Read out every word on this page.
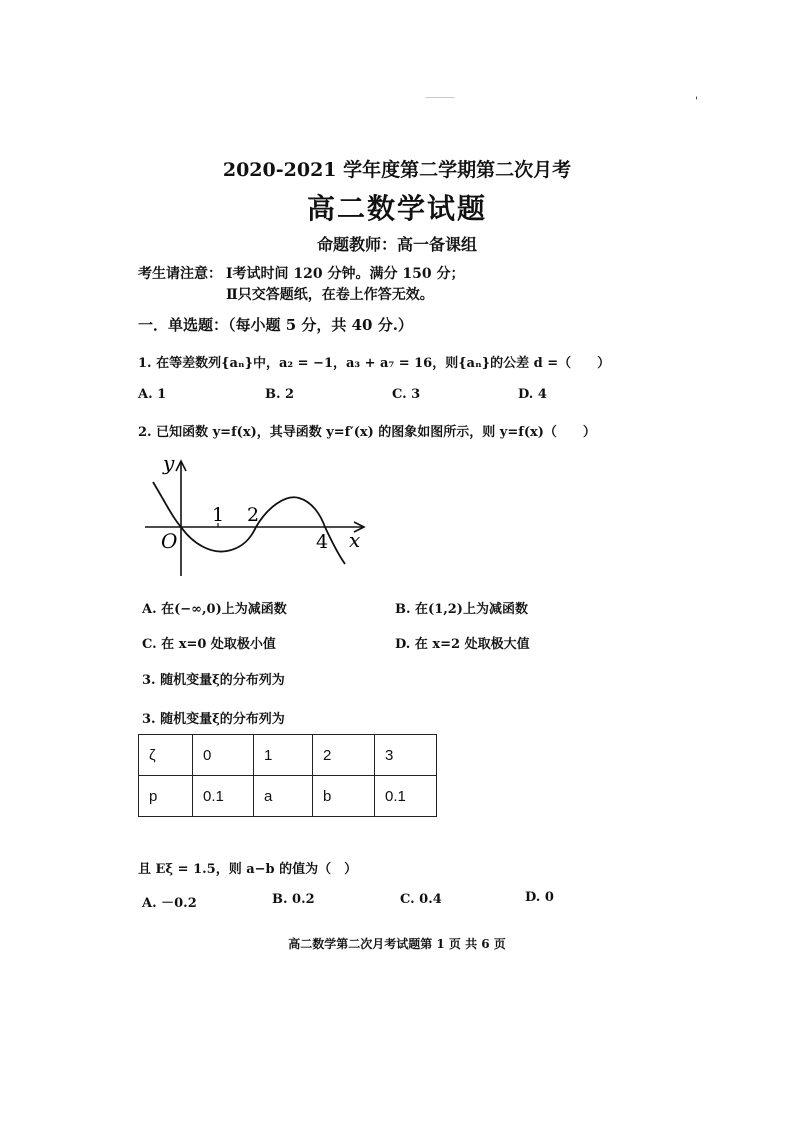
'
2020-2021 学年度第二学期第二次月考
高二数学试题
命题教师：高一备课组
考生请注意： Ⅰ考试时间 120 分钟。满分 150 分；
Ⅱ只交答题纸，在卷上作答无效。
一．单选题：（每小题 5 分，共 40 分.）
1. 在等差数列{aₙ}中，a₂ = −1，a₃ + a₇ = 16，则{aₙ}的公差 d =（　　）
A. 1	B. 2	C. 3	D. 4
2. 已知函数 y=f(x)，其导函数 y=f′(x) 的图象如图所示，则 y=f(x)（　　）
y
x
O
1 2
4
A. 在(−∞,0)上为减函数	B. 在(1,2)上为减函数
C. 在 x=0 处取极小值	D. 在 x=2 处取极大值
3. 随机变量ξ的分布列为
3. 随机变量ξ的分布列为
ζ	0	1	2	3
p	0.1	a	b	0.1
且 Eξ = 1.5，则 a−b 的值为（　）
A. －0.2	B. 0.2	C. 0.4	D. 0
高二数学第二次月考试题第 1 页 共 6 页
